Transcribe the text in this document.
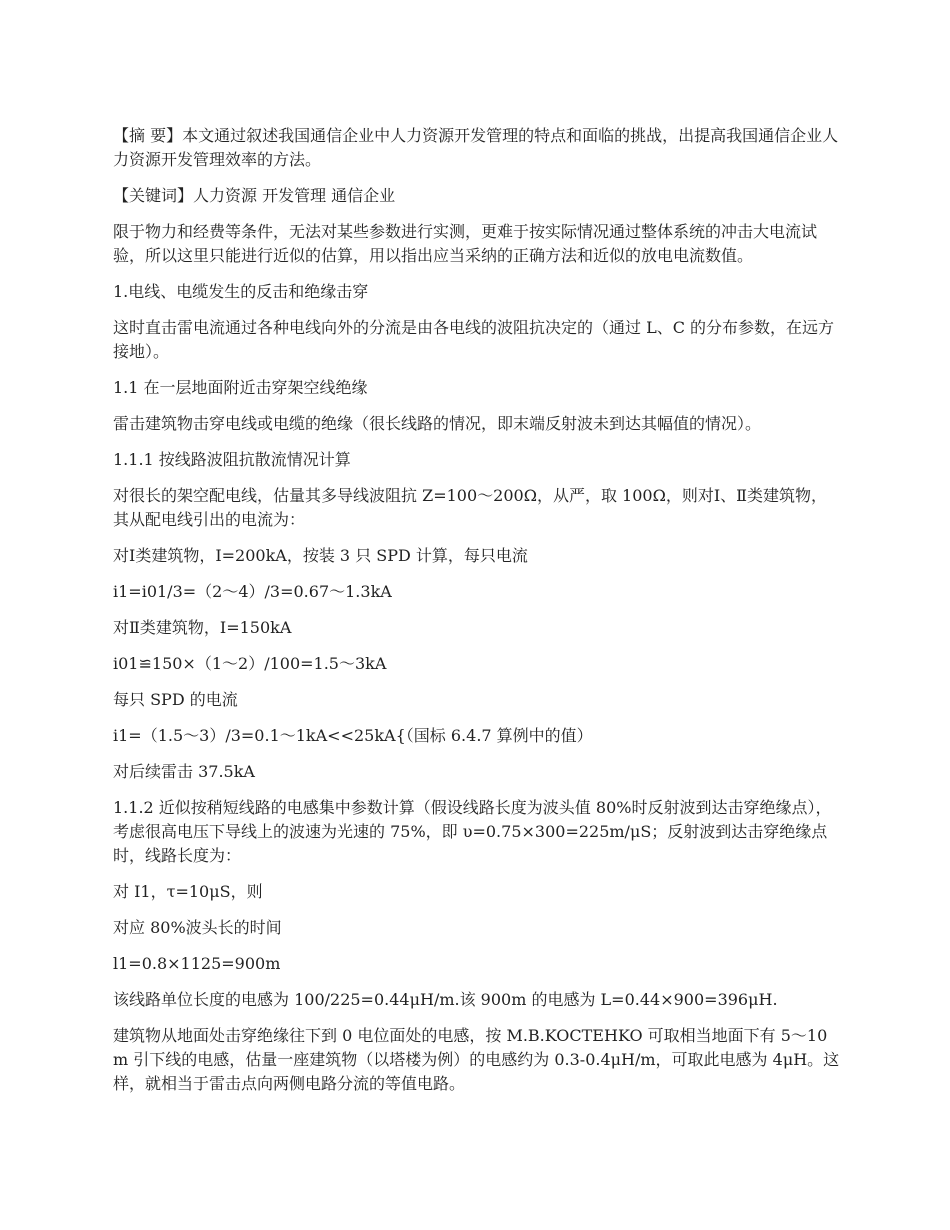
【摘 要】本文通过叙述我国通信企业中人力资源开发管理的特点和面临的挑战，出提高我国通信企业人力资源开发管理效率的方法。

【关键词】人力资源 开发管理 通信企业

限于物力和经费等条件，无法对某些参数进行实测，更难于按实际情况通过整体系统的冲击大电流试验，所以这里只能进行近似的估算，用以指出应当采纳的正确方法和近似的放电电流数值。

1.电线、电缆发生的反击和绝缘击穿

这时直击雷电流通过各种电线向外的分流是由各电线的波阻抗决定的（通过 L、C 的分布参数，在远方接地）。

1.1 在一层地面附近击穿架空线绝缘

雷击建筑物击穿电线或电缆的绝缘（很长线路的情况，即末端反射波未到达其幅值的情况）。

1.1.1 按线路波阻抗散流情况计算

对很长的架空配电线，估量其多导线波阻抗 Z=100～200Ω，从严，取 100Ω，则对Ⅰ、Ⅱ类建筑物，其从配电线引出的电流为：

对Ⅰ类建筑物，I=200kA，按装 3 只 SPD 计算，每只电流

i1=i01/3=（2～4）/3=0.67～1.3kA

对Ⅱ类建筑物，I=150kA

i01≌150×（1～2）/100=1.5～3kA

每只 SPD 的电流

i1=（1.5～3）/3=0.1～1kA<<25kA{（国标 6.4.7 算例中的值）

对后续雷击 37.5kA

1.1.2 近似按稍短线路的电感集中参数计算（假设线路长度为波头值 80%时反射波到达击穿绝缘点），考虑很高电压下导线上的波速为光速的 75%，即 υ=0.75×300=225m/μS；反射波到达击穿绝缘点时，线路长度为：

对 I1，τ=10μS，则

对应 80%波头长的时间

l1=0.8×1125=900m

该线路单位长度的电感为 100/225=0.44μH/m.该 900m 的电感为 L=0.44×900=396μH.

建筑物从地面处击穿绝缘往下到 0 电位面处的电感，按 M.B.KOCTEHKO 可取相当地面下有 5～10m 引下线的电感，估量一座建筑物（以塔楼为例）的电感约为 0.3-0.4μH/m，可取此电感为 4μH。这样，就相当于雷击点向两侧电路分流的等值电路。
